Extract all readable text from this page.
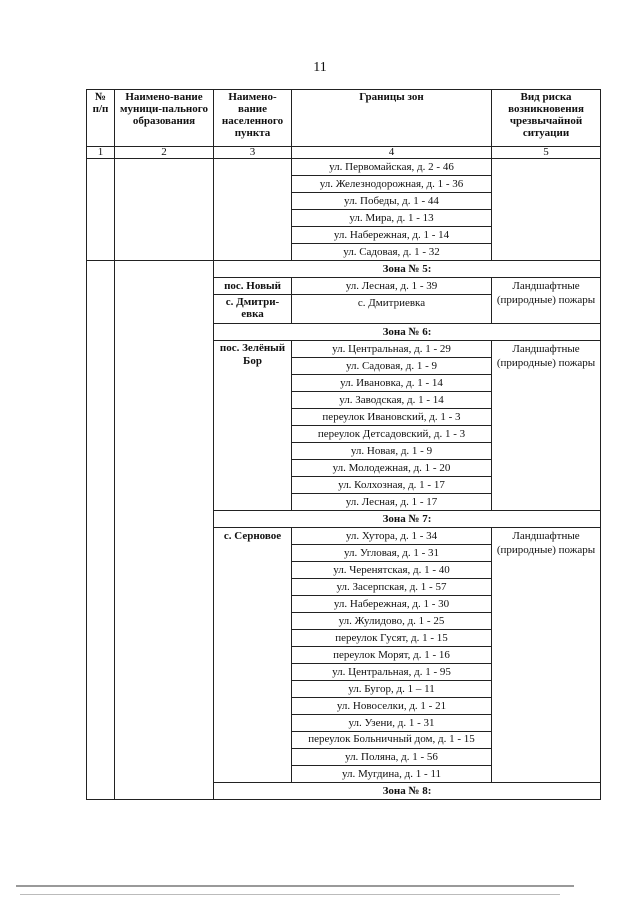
11
№ п/п	Наимено-вание муници-пального образования	Наимено-вание населенного пункта	Границы зон	Вид риска возникновения чрезвычайной ситуации
1	2	3	4	5
			ул. Первомайская, д. 2 - 46	
			ул. Железнодорожная, д. 1 - 36	
			ул. Победы, д. 1 - 44	
			ул. Мира, д. 1 - 13	
			ул. Набережная, д. 1 - 14	
			ул. Садовая, д. 1 - 32	
		Зона № 5:		
		пос. Новый	ул. Лесная, д. 1 - 39	Ландшафтные (природные) пожары
		с. Дмитри-евка	с. Дмитриевка	
		Зона № 6:		
		пос. Зелёный Бор	ул. Центральная, д. 1 - 29	Ландшафтные (природные) пожары
			ул. Садовая, д. 1 - 9	
			ул. Ивановка, д. 1 - 14	
			ул. Заводская, д. 1 - 14	
			переулок Ивановский, д. 1 - 3	
			переулок Детсадовский, д. 1 - 3	
			ул. Новая, д. 1 - 9	
			ул. Молодежная, д. 1 - 20	
			ул. Колхозная, д. 1 - 17	
			ул. Лесная, д. 1 - 17	
		Зона № 7:		
		с. Серновое	ул. Хутора, д. 1 - 34	Ландшафтные (природные) пожары
			ул. Угловая, д. 1 - 31	
			ул. Черенятская, д. 1 - 40	
			ул. Засерпская, д. 1 - 57	
			ул. Набережная, д. 1 - 30	
			ул. Жулидово, д. 1 - 25	
			переулок Гусят, д. 1 - 15	
			переулок Морят, д. 1 - 16	
			ул. Центральная, д. 1 - 95	
			ул. Бугор, д. 1 – 11	
			ул. Новоселки, д. 1 - 21	
			ул. Узени, д. 1 - 31	
			переулок Больничный дом, д. 1 - 15	
			ул. Поляна, д. 1 - 56	
			ул. Мугдина, д. 1 - 11	
		Зона № 8:		
